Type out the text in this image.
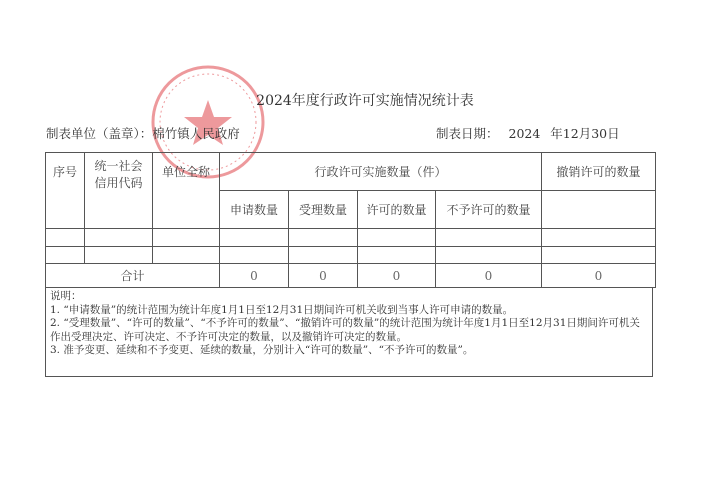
2024年度行政许可实施情况统计表
制表单位（盖章）：棉竹镇人民政府	制表日期： 2024 年12月30日
序号	统一社会信用代码	单位全称	行政许可实施数量（件）				撤销许可的数量
			申请数量	受理数量	许可的数量	不予许可的数量	

合计			0	0	0	0	0
说明：
1. “申请数量”的统计范围为统计年度1月1日至12月31日期间许可机关收到当事人许可申请的数量。
2. “受理数量”、“许可的数量”、“不予许可的数量”、“撤销许可的数量”的统计范围为统计年度1月1日至12月31日期间许可机关作出受理决定、许可决定、不予许可决定的数量，以及撤销许可决定的数量。
3. 准予变更、延续和不予变更、延续的数量，分别计入“许可的数量”、“不予许可的数量”。
